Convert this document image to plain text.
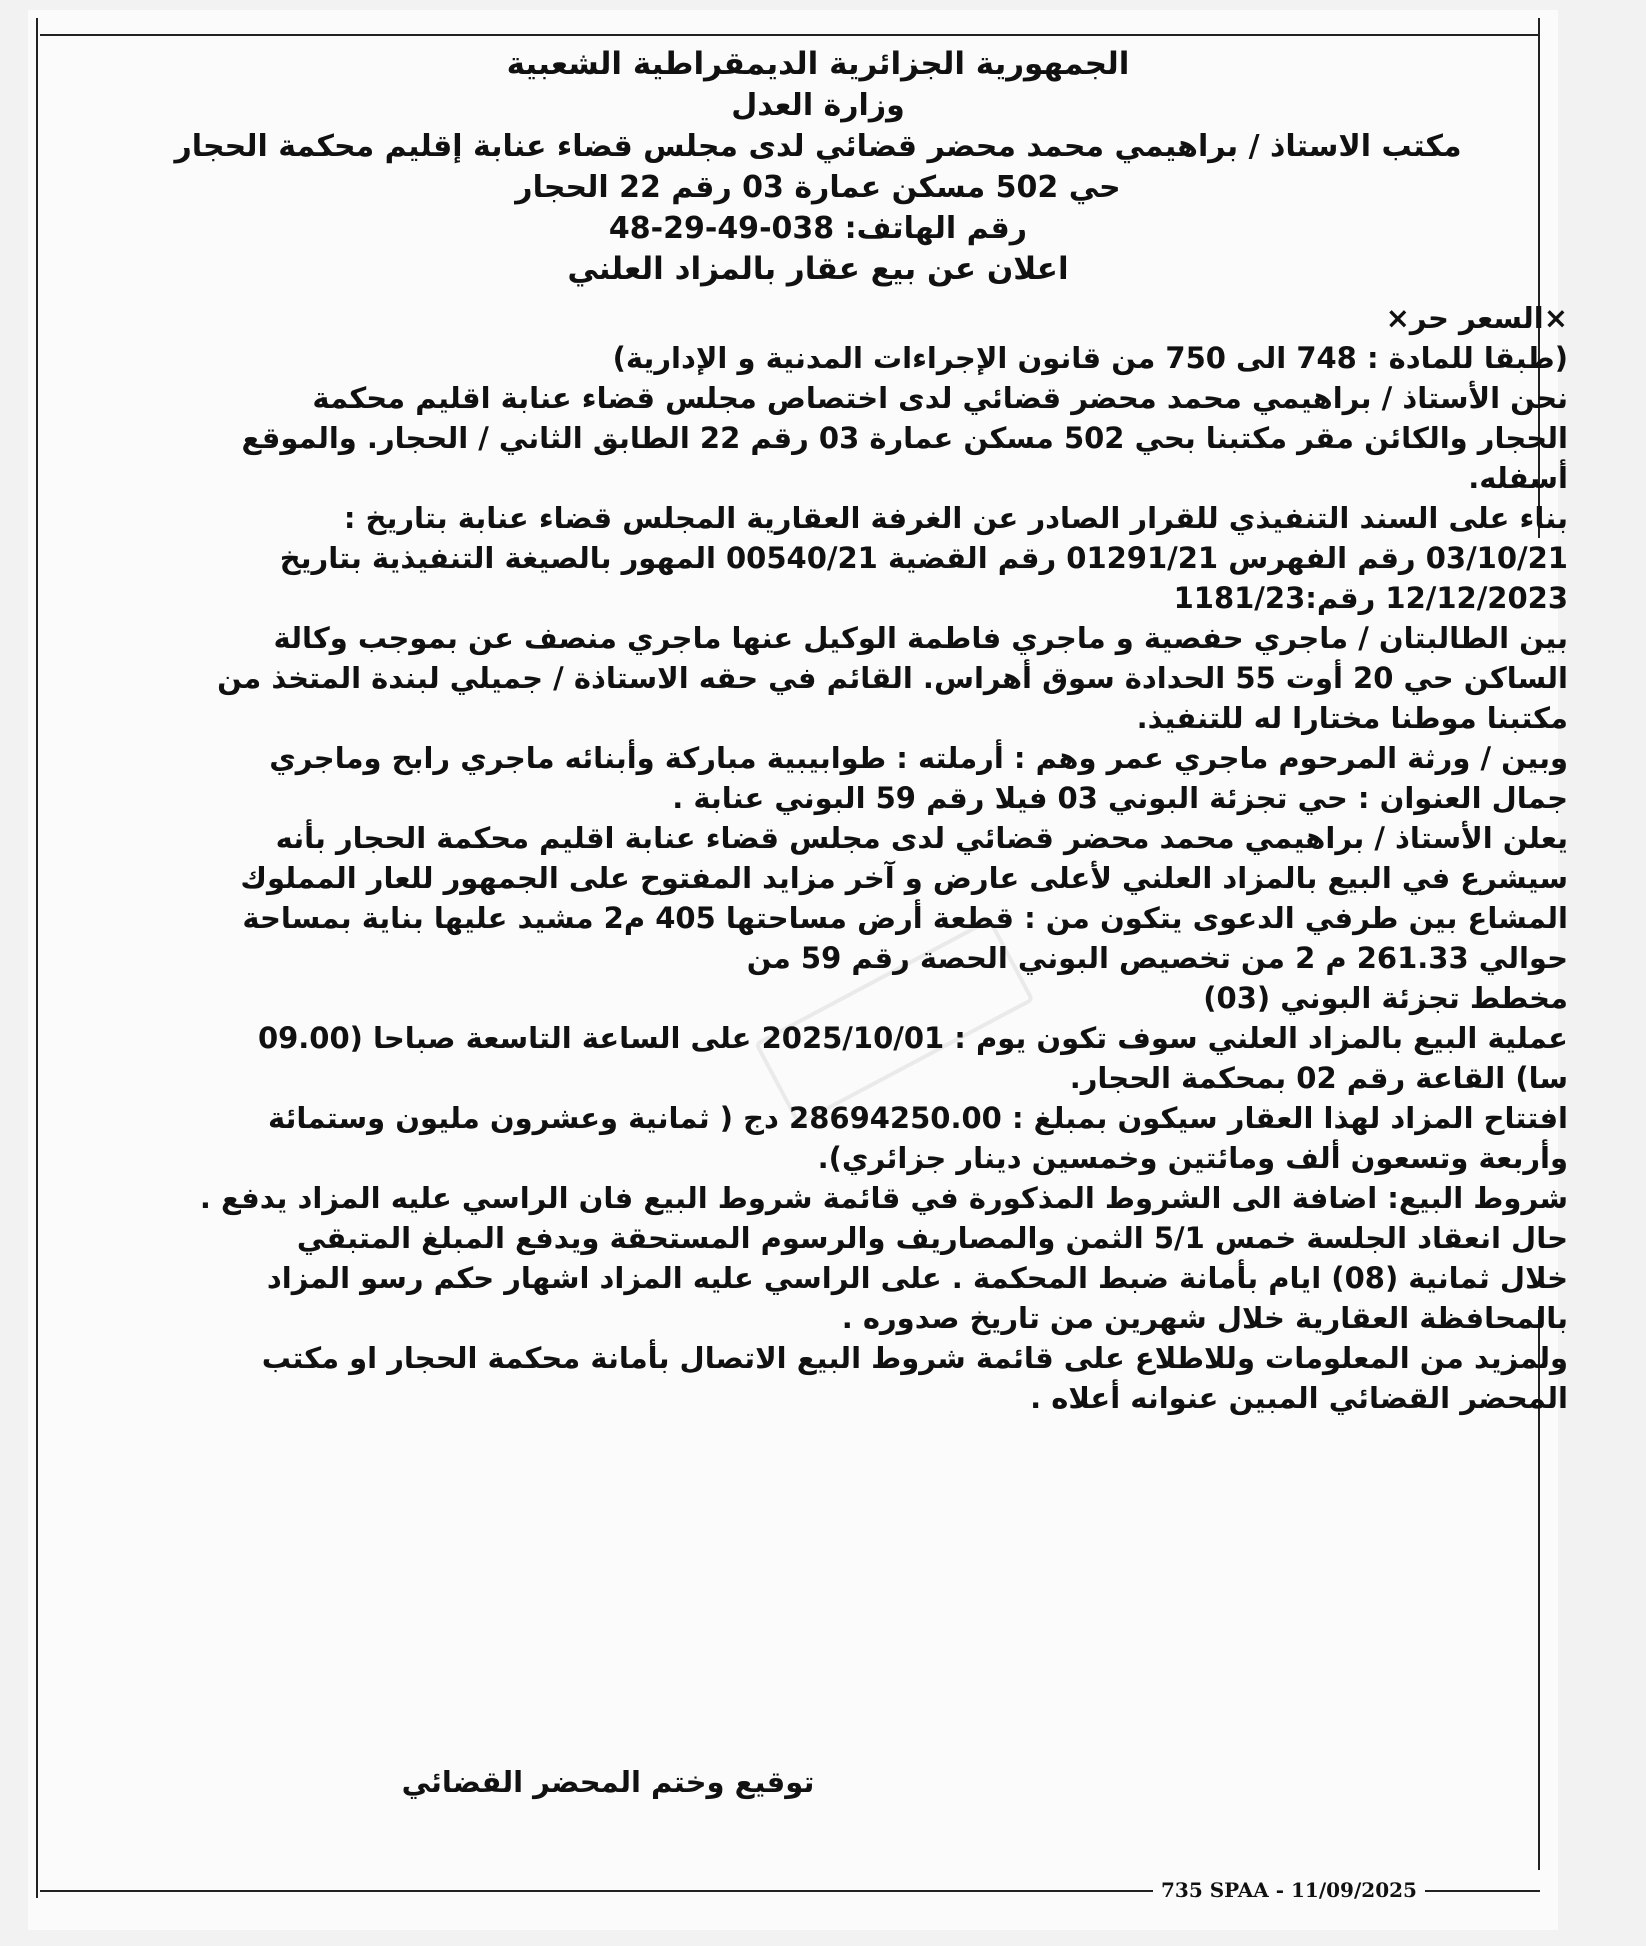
الجمهورية الجزائرية الديمقراطية الشعبية
وزارة العدل
مكتب الاستاذ / براهيمي محمد محضر قضائي لدى مجلس قضاء عنابة إقليم محكمة الحجار
حي 502 مسكن عمارة 03 رقم 22 الحجار
رقم الهاتف: 038-49-29-48
اعلان عن بيع عقار بالمزاد العلني

×السعر حر×

(طبقا للمادة : 748 الى 750 من قانون الإجراءات المدنية و الإدارية)

نحن الأستاذ / براهيمي محمد محضر قضائي لدى اختصاص مجلس قضاء عنابة اقليم محكمة

الحجار والكائن مقر مكتبنا بحي 502 مسكن عمارة 03 رقم 22 الطابق الثاني / الحجار. والموقع

أسفله.

بناء على السند التنفيذي للقرار الصادر عن الغرفة العقارية المجلس قضاء عنابة بتاريخ :

03/10/21 رقم الفهرس 01291/21 رقم القضية 00540/21 المهور بالصيغة التنفيذية بتاريخ

12/12/2023 رقم:1181/23

بين الطالبتان / ماجري حفصية و ماجري فاطمة الوكيل عنها ماجري منصف عن بموجب وكالة

الساكن حي 20 أوت 55 الحدادة سوق أهراس. القائم في حقه الاستاذة / جميلي لبندة المتخذ من

مكتبنا موطنا مختارا له للتنفيذ.

وبين / ورثة المرحوم ماجري عمر وهم : أرملته : طوابيبية مباركة وأبنائه ماجري رابح وماجري

جمال العنوان : حي تجزئة البوني 03 فيلا رقم 59 البوني عنابة .

يعلن الأستاذ / براهيمي محمد محضر قضائي لدى مجلس قضاء عنابة اقليم محكمة الحجار بأنه

سيشرع في البيع بالمزاد العلني لأعلى عارض و آخر مزايد المفتوح على الجمهور للعار المملوك

المشاع بين طرفي الدعوى يتكون من : قطعة أرض مساحتها 405 م2 مشيد عليها بناية بمساحة

حوالي 261.33 م 2 من تخصيص البوني الحصة رقم 59 من

مخطط تجزئة البوني (03)

عملية البيع بالمزاد العلني سوف تكون يوم : 2025/10/01 على الساعة التاسعة صباحا (09.00

سا) القاعة رقم 02 بمحكمة الحجار.

افتتاح المزاد لهذا العقار سيكون بمبلغ : 28694250.00 دج ( ثمانية وعشرون مليون وستمائة

وأربعة وتسعون ألف ومائتين وخمسين دينار جزائري).

شروط البيع: اضافة الى الشروط المذكورة في قائمة شروط البيع فان الراسي عليه المزاد يدفع .

حال انعقاد الجلسة خمس 5/1 الثمن والمصاريف والرسوم المستحقة ويدفع المبلغ المتبقي

خلال ثمانية (08) ايام بأمانة ضبط المحكمة . على الراسي عليه المزاد اشهار حكم رسو المزاد

بالمحافظة العقارية خلال شهرين من تاريخ صدوره .

ولمزيد من المعلومات وللاطلاع على قائمة شروط البيع الاتصال بأمانة محكمة الحجار او مكتب

المحضر القضائي المبين عنوانه أعلاه .

توقيع وختم المحضر القضائي
735 SPAA - 11/09/2025
